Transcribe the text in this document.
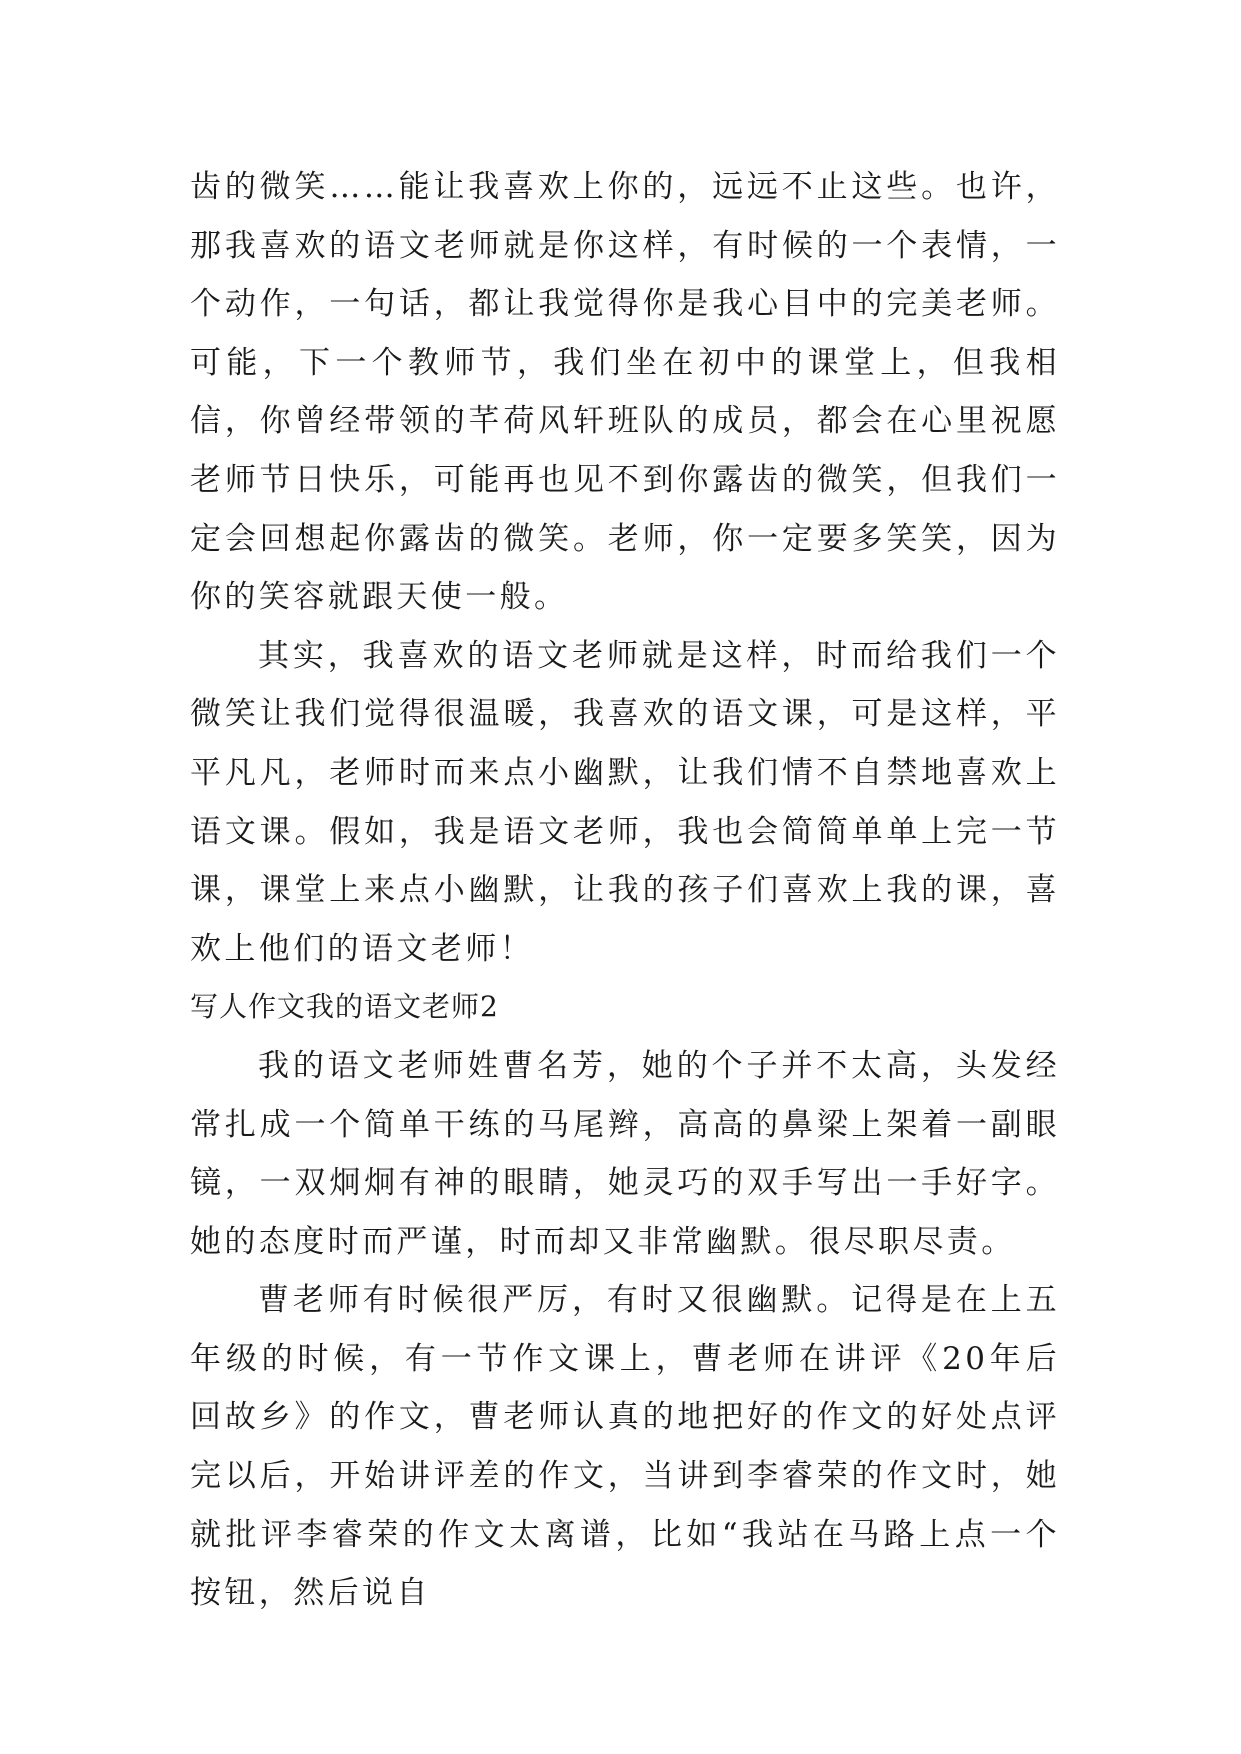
齿的微笑……能让我喜欢上你的，远远不止这些。也许，那我喜欢的语文老师就是你这样，有时候的一个表情，一个动作，一句话，都让我觉得你是我心目中的完美老师。可能，下一个教师节，我们坐在初中的课堂上，但我相信，你曾经带领的芊荷风轩班队的成员，都会在心里祝愿老师节日快乐，可能再也见不到你露齿的微笑，但我们一定会回想起你露齿的微笑。老师，你一定要多笑笑，因为你的笑容就跟天使一般。

其实，我喜欢的语文老师就是这样，时而给我们一个微笑让我们觉得很温暖，我喜欢的语文课，可是这样，平平凡凡，老师时而来点小幽默，让我们情不自禁地喜欢上语文课。假如，我是语文老师，我也会简简单单上完一节课，课堂上来点小幽默，让我的孩子们喜欢上我的课，喜欢上他们的语文老师！

写人作文我的语文老师2

我的语文老师姓曹名芳，她的个子并不太高，头发经常扎成一个简单干练的马尾辫，高高的鼻梁上架着一副眼镜，一双炯炯有神的眼睛，她灵巧的双手写出一手好字。她的态度时而严谨，时而却又非常幽默。很尽职尽责。

曹老师有时候很严厉，有时又很幽默。记得是在上五年级的时候，有一节作文课上，曹老师在讲评《20年后回故乡》的作文，曹老师认真的地把好的作文的好处点评完以后，开始讲评差的作文，当讲到李睿荣的作文时，她就批评李睿荣的作文太离谱，比如“我站在马路上点一个按钮，然后说自
